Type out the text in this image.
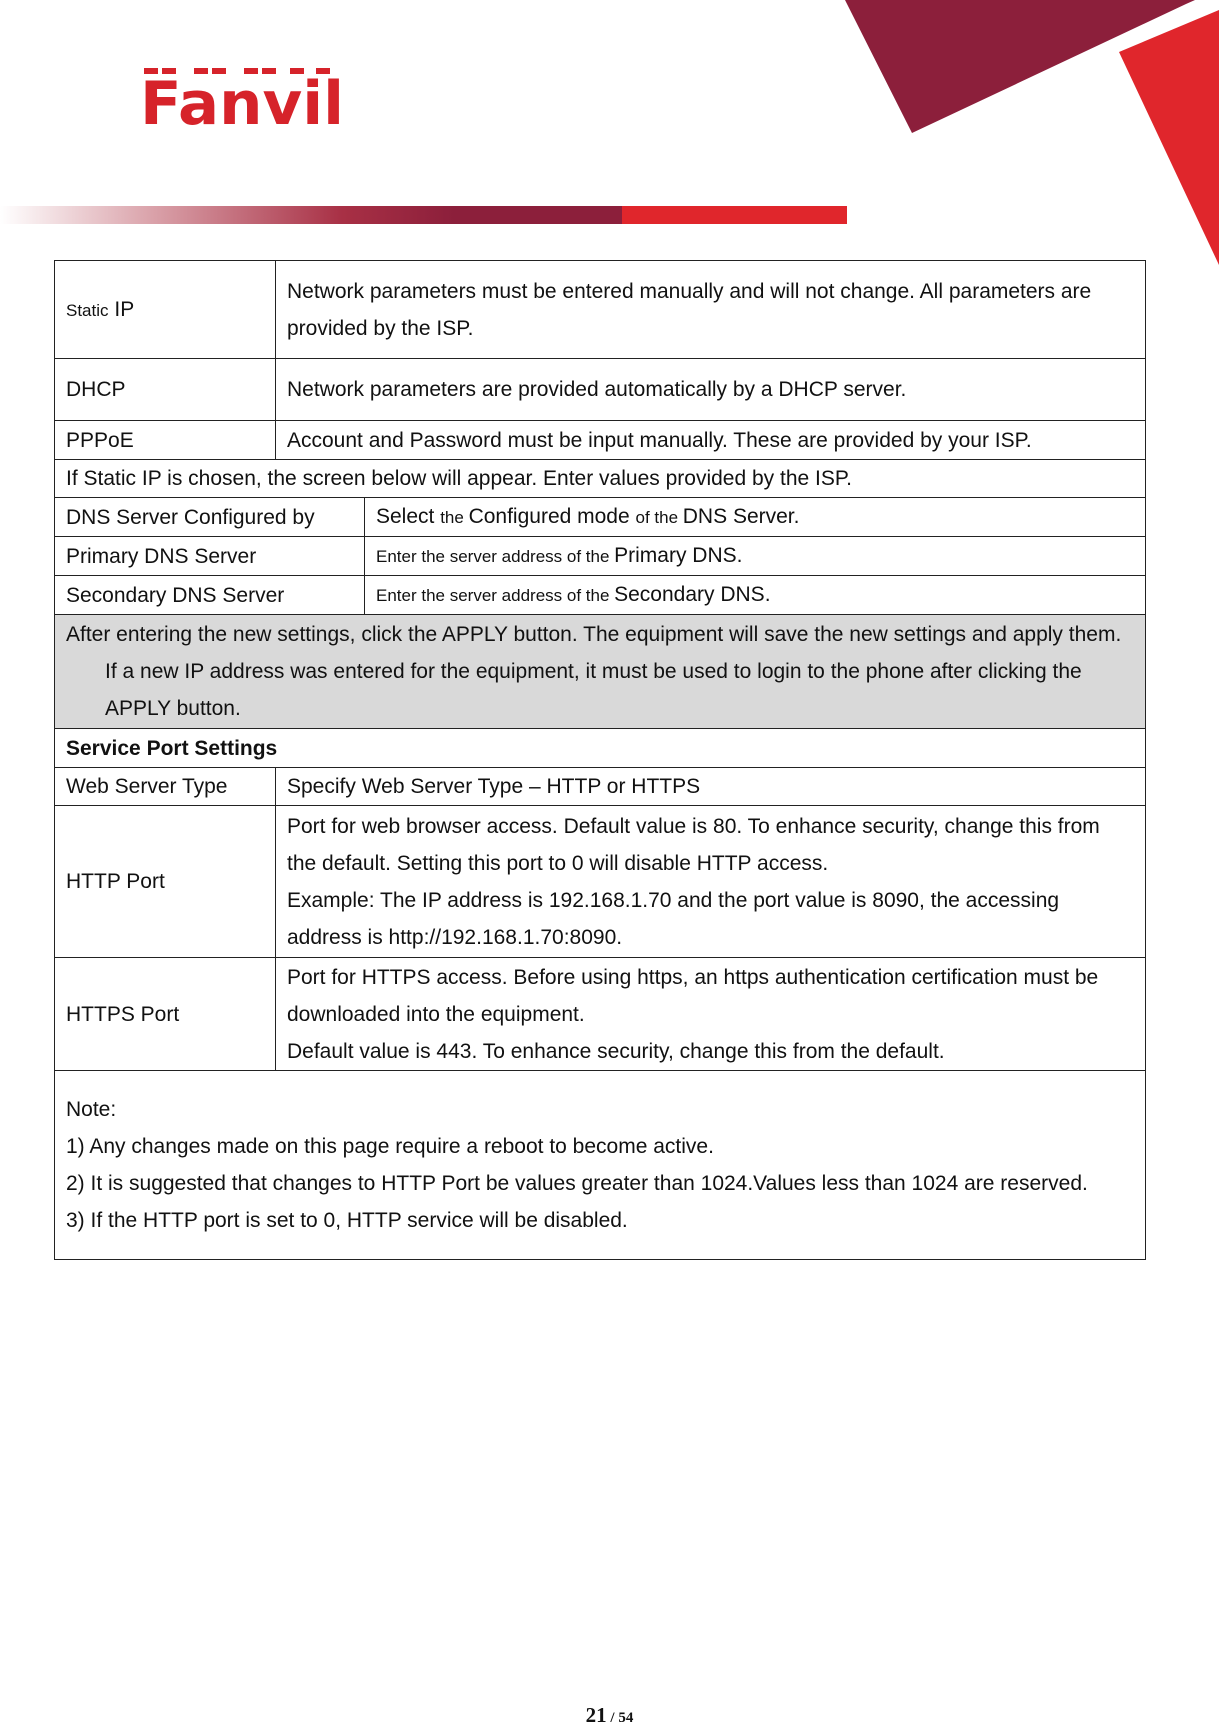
Fanvil
Static IP	Network parameters must be entered manually and will not change. All parameters are provided by the ISP.	
DHCP	Network parameters are provided automatically by a DHCP server.	
PPPoE	Account and Password must be input manually. These are provided by your ISP.	
If Static IP is chosen, the screen below will appear. Enter values provided by the ISP.		
DNS Server Configured by		Select the Configured mode of the DNS Server.
Primary DNS Server		Enter the server address of the Primary DNS.
Secondary DNS Server		Enter the server address of the Secondary DNS.
After entering the new settings, click the APPLY button. The equipment will save the new settings and apply them. If a new IP address was entered for the equipment, it must be used to login to the phone after clicking the APPLY button.		
Service Port Settings		
Web Server Type	Specify Web Server Type – HTTP or HTTPS	
HTTP Port	Port for web browser access. Default value is 80. To enhance security, change this from the default. Setting this port to 0 will disable HTTP access.
Example: The IP address is 192.168.1.70 and the port value is 8090, the accessing address is http://192.168.1.70:8090.	

HTTPS Port	Port for HTTPS access. Before using https, an https authentication certification must be downloaded into the equipment.
Default value is 443. To enhance security, change this from the default.	

Note:
1) Any changes made on this page require a reboot to become active.
2) It is suggested that changes to HTTP Port be values greater than 1024.Values less than 1024 are reserved.
3) If the HTTP port is set to 0, HTTP service will be disabled.		
21 / 54
